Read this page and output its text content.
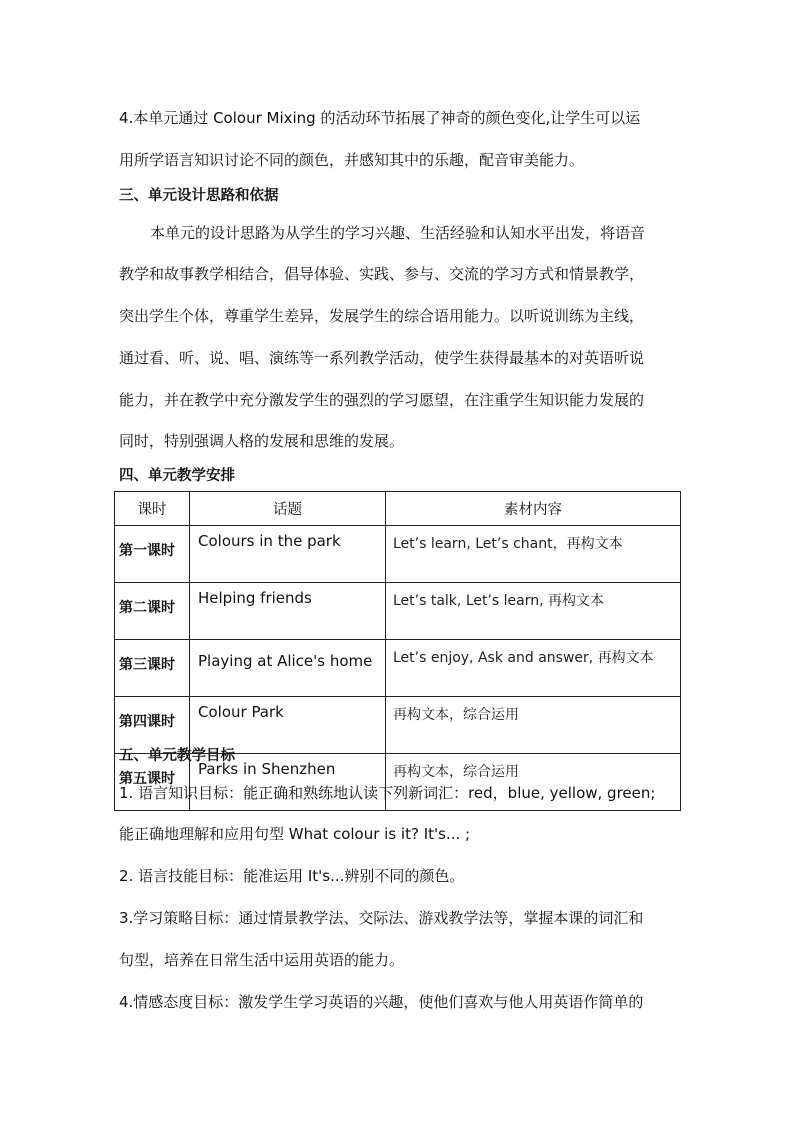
4.本单元通过 Colour Mixing 的活动环节拓展了神奇的颜色变化,让学生可以运
用所学语言知识讨论不同的颜色，并感知其中的乐趣，配音审美能力。
三、单元设计思路和依据
本单元的设计思路为从学生的学习兴趣、生活经验和认知水平出发，将语音
教学和故事教学相结合，倡导体验、实践、参与、交流的学习方式和情景教学，
突出学生个体，尊重学生差异，发展学生的综合语用能力。以听说训练为主线，
通过看、听、说、唱、演练等一系列教学活动，使学生获得最基本的对英语听说
能力，并在教学中充分激发学生的强烈的学习愿望，在注重学生知识能力发展的
同时，特别强调人格的发展和思维的发展。
四、单元教学安排
课时	话题	素材内容
第一课时	Colours in the park	Let’s learn, Let’s chant，再构文本
第二课时	Helping friends	Let’s talk, Let’s learn, 再构文本
第三课时	Playing at Alice's home	Let’s enjoy, Ask and answer, 再构文本
第四课时	Colour Park	再构文本，综合运用
第五课时	Parks in Shenzhen	再构文本，综合运用
五、单元教学目标
1. 语言知识目标：能正确和熟练地认读下列新词汇：red，blue, yellow, green;
能正确地理解和应用句型 What colour is it? It's... ;
2. 语言技能目标：能准运用 It's...辨别不同的颜色。
3.学习策略目标：通过情景教学法、交际法、游戏教学法等，掌握本课的词汇和
句型，培养在日常生活中运用英语的能力。
4.情感态度目标：激发学生学习英语的兴趣，使他们喜欢与他人用英语作简单的
